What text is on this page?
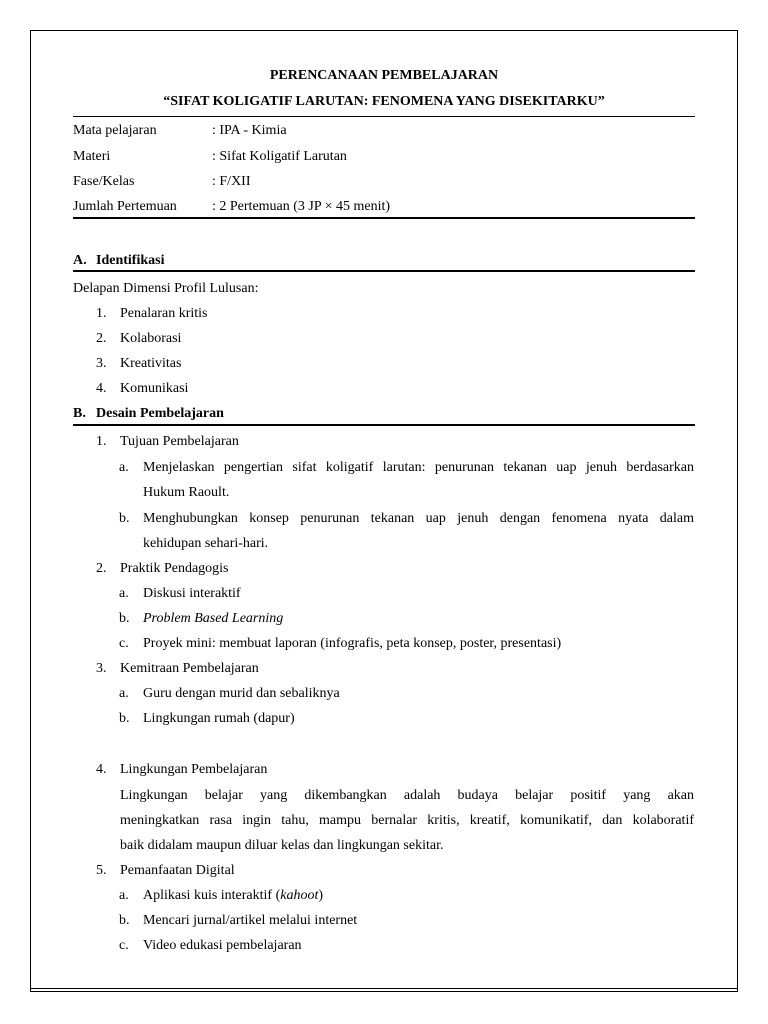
PERENCANAAN PEMBELAJARAN
“SIFAT KOLIGATIF LARUTAN: FENOMENA YANG DISEKITARKU”
Mata pelajaran	: IPA - Kimia
Materi	: Sifat Koligatif Larutan
Fase/Kelas	: F/XII
Jumlah Pertemuan	: 2 Pertemuan (3 JP × 45 menit)
A. Identifikasi
Delapan Dimensi Profil Lulusan:
1. Penalaran kritis
2. Kolaborasi
3. Kreativitas
4. Komunikasi
B. Desain Pembelajaran
1. Tujuan Pembelajaran
a. Menjelaskan pengertian sifat koligatif larutan: penurunan tekanan uap jenuh berdasarkan
Hukum Raoult.
b. Menghubungkan konsep penurunan tekanan uap jenuh dengan fenomena nyata dalam
kehidupan sehari-hari.
2. Praktik Pendagogis
a. Diskusi interaktif
b. Problem Based Learning
c. Proyek mini: membuat laporan (infografis, peta konsep, poster, presentasi)
3. Kemitraan Pembelajaran
a. Guru dengan murid dan sebaliknya
b. Lingkungan rumah (dapur)
4. Lingkungan Pembelajaran
Lingkungan belajar yang dikembangkan adalah budaya belajar positif yang akan
meningkatkan rasa ingin tahu, mampu bernalar kritis, kreatif, komunikatif, dan kolaboratif
baik didalam maupun diluar kelas dan lingkungan sekitar.
5. Pemanfaatan Digital
a. Aplikasi kuis interaktif (kahoot)
b. Mencari jurnal/artikel melalui internet
c. Video edukasi pembelajaran
